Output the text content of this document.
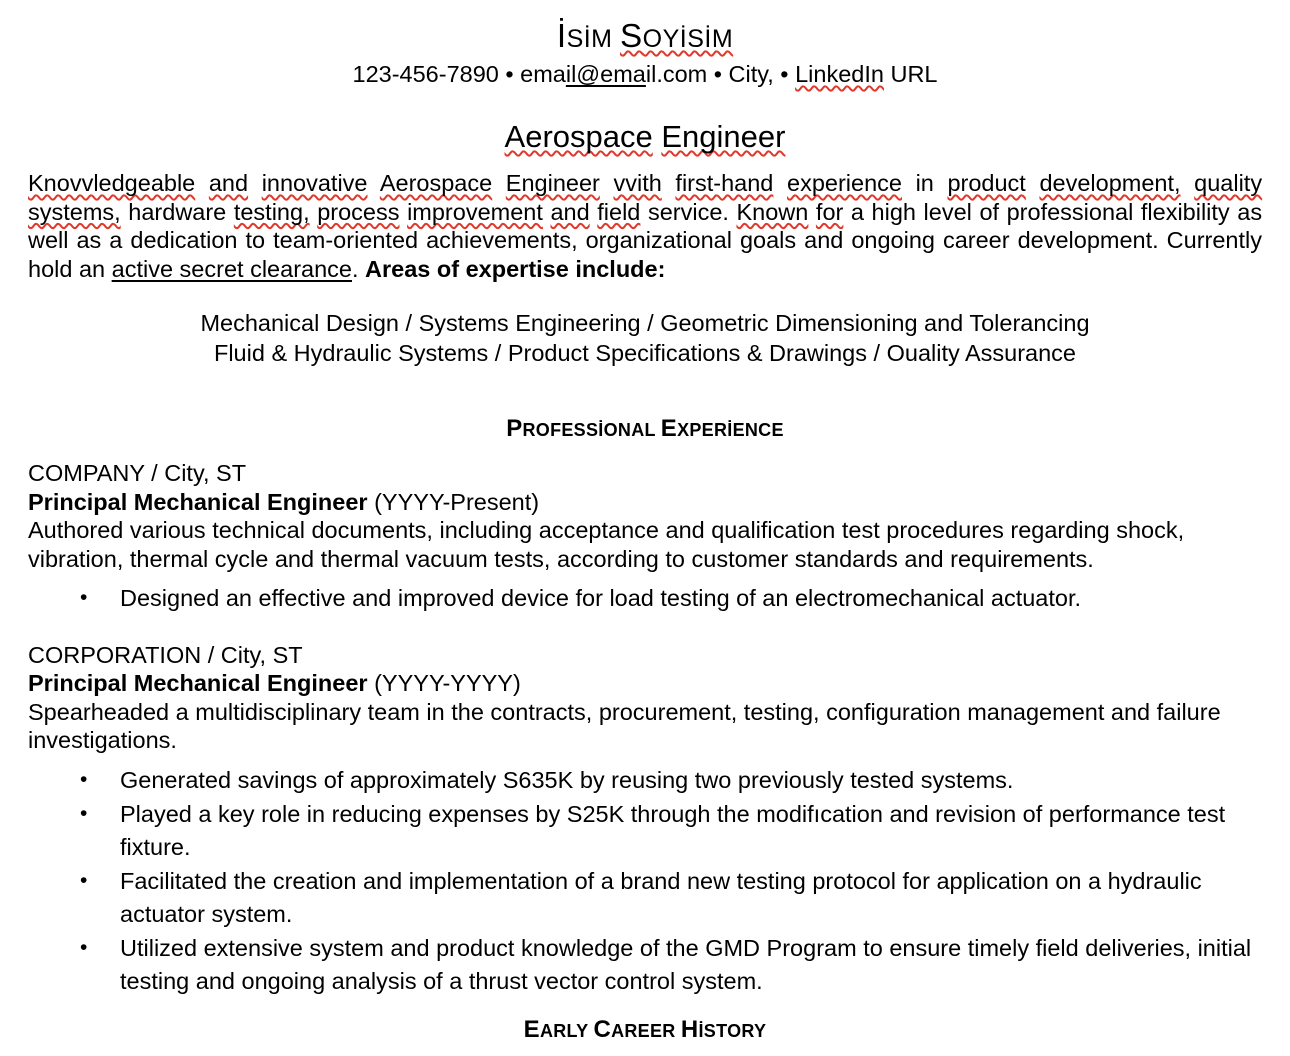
İSİM SOYİSİM
123-456-7890 • email@email.com • City, • LinkedIn URL
Aerospace Engineer

Knovvledgeable and innovative Aerospace Engineer vvith first-hand experience in product development, quality systems, hardware testing, process improvement and field service. Known for a high level of professional flexibility as well as a dedication to team-oriented achievements, organizational goals and ongoing career development. Currently hold an active secret clearance. Areas of expertise include:

Mechanical Design / Systems Engineering / Geometric Dimensioning and Tolerancing
Fluid & Hydraulic Systems / Product Specifications & Drawings / Ouality Assurance
PROFESSİONAL EXPERİENCE
COMPANY / City, ST
Principal Mechanical Engineer (YYYY-Present)
Authored various technical documents, including acceptance and qualification test procedures regarding shock, vibration, thermal cycle and thermal vacuum tests, according to customer standards and requirements.
• Designed an effective and improved device for load testing of an electromechanical actuator.
CORPORATION / City, ST
Principal Mechanical Engineer (YYYY-YYYY)
Spearheaded a multidisciplinary team in the contracts, procurement, testing, configuration management and failure investigations.
• Generated savings of approximately S635K by reusing two previously tested systems.
• Played a key role in reducing expenses by S25K through the modifıcation and revision of performance test fixture.
• Facilitated the creation and implementation of a brand new testing protocol for application on a hydraulic actuator system.
• Utilized extensive system and product knowledge of the GMD Program to ensure timely field deliveries, initial testing and ongoing analysis of a thrust vector control system.
EARLY CAREER HİSTORY
